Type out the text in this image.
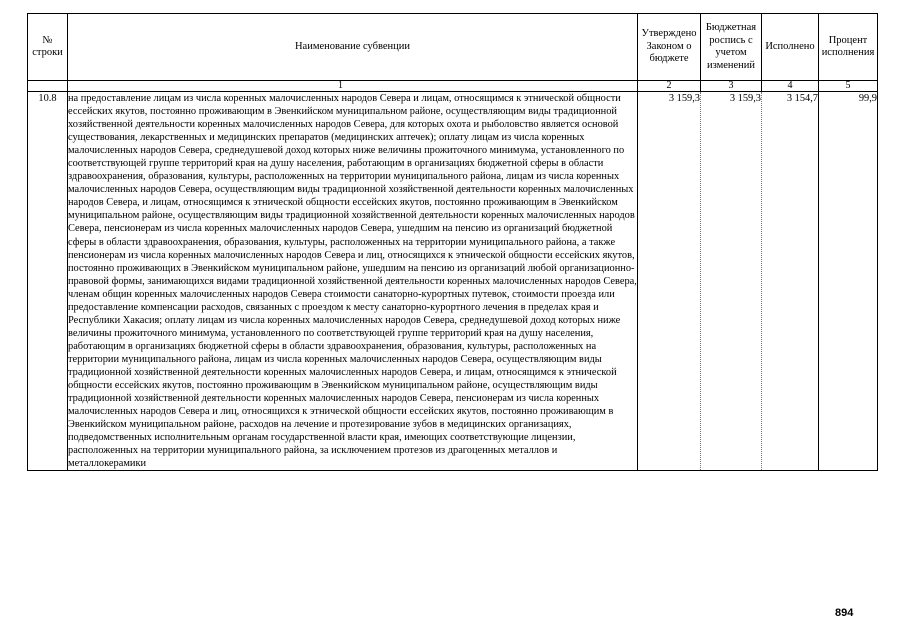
№ строки	Наименование субвенции	Утверждено Законом о бюджете	Бюджетная роспись с учетом изменений	Исполнено	Процент исполнения
	1	2	3	4	5
10.8	на предоставление лицам из числа коренных малочисленных народов Севера и лицам, относящимся к этнической общности ессейских якутов, постоянно проживающим в Эвенкийском муниципальном районе, осуществляющим виды традиционной хозяйственной деятельности коренных малочисленных народов Севера, для которых охота и рыболовство является основой существования, лекарственных и медицинских препаратов (медицинских аптечек); оплату лицам из числа коренных малочисленных народов Севера, среднедушевой доход которых ниже величины прожиточного минимума, установленного по соответствующей группе территорий края на душу населения, работающим в организациях бюджетной сферы в области здравоохранения, образования, культуры, расположенных на территории муниципального района, лицам из числа коренных малочисленных народов Севера, осуществляющим виды традиционной хозяйственной деятельности коренных малочисленных народов Севера, и лицам, относящимся к этнической общности ессейских якутов, постоянно проживающим в Эвенкийском муниципальном районе, осуществляющим виды традиционной хозяйственной деятельности коренных малочисленных народов Севера, пенсионерам из числа коренных малочисленных народов Севера, ушедшим на пенсию из организаций бюджетной сферы в области здравоохранения, образования, культуры, расположенных на территории муниципального района, а также пенсионерам из числа коренных малочисленных народов Севера и лиц, относящихся к этнической общности ессейских якутов, постоянно проживающих в Эвенкийском муниципальном районе, ушедшим на пенсию из организаций любой организационно-правовой формы, занимающихся видами традиционной хозяйственной деятельности коренных малочисленных народов Севера, членам общин коренных малочисленных народов Севера стоимости санаторно-курортных путевок, стоимости проезда или предоставление компенсации расходов, связанных с проездом к месту санаторно-курортного лечения в пределах края и Республики Хакасия; оплату лицам из числа коренных малочисленных народов Севера, среднедушевой доход которых ниже величины прожиточного минимума, установленного по соответствующей группе территорий края на душу населения, работающим в организациях бюджетной сферы в области здравоохранения, образования, культуры, расположенных на территории муниципального района, лицам из числа коренных малочисленных народов Севера, осуществляющим виды традиционной хозяйственной деятельности коренных малочисленных народов Севера, и лицам, относящимся к этнической общности ессейских якутов, постоянно проживающим в Эвенкийском муниципальном районе, осуществляющим виды традиционной хозяйственной деятельности коренных малочисленных народов Севера, пенсионерам из числа коренных малочисленных народов Севера и лиц, относящихся к этнической общности ессейских якутов, постоянно проживающим в Эвенкийском муниципальном районе, расходов на лечение и протезирование зубов в медицинских организациях, подведомственных исполнительным органам государственной власти края, имеющих соответствующие лицензии, расположенных на территории муниципального района, за исключением протезов из драгоценных металлов и металлокерамики	3 159,3	3 159,3	3 154,7	99,9
894
